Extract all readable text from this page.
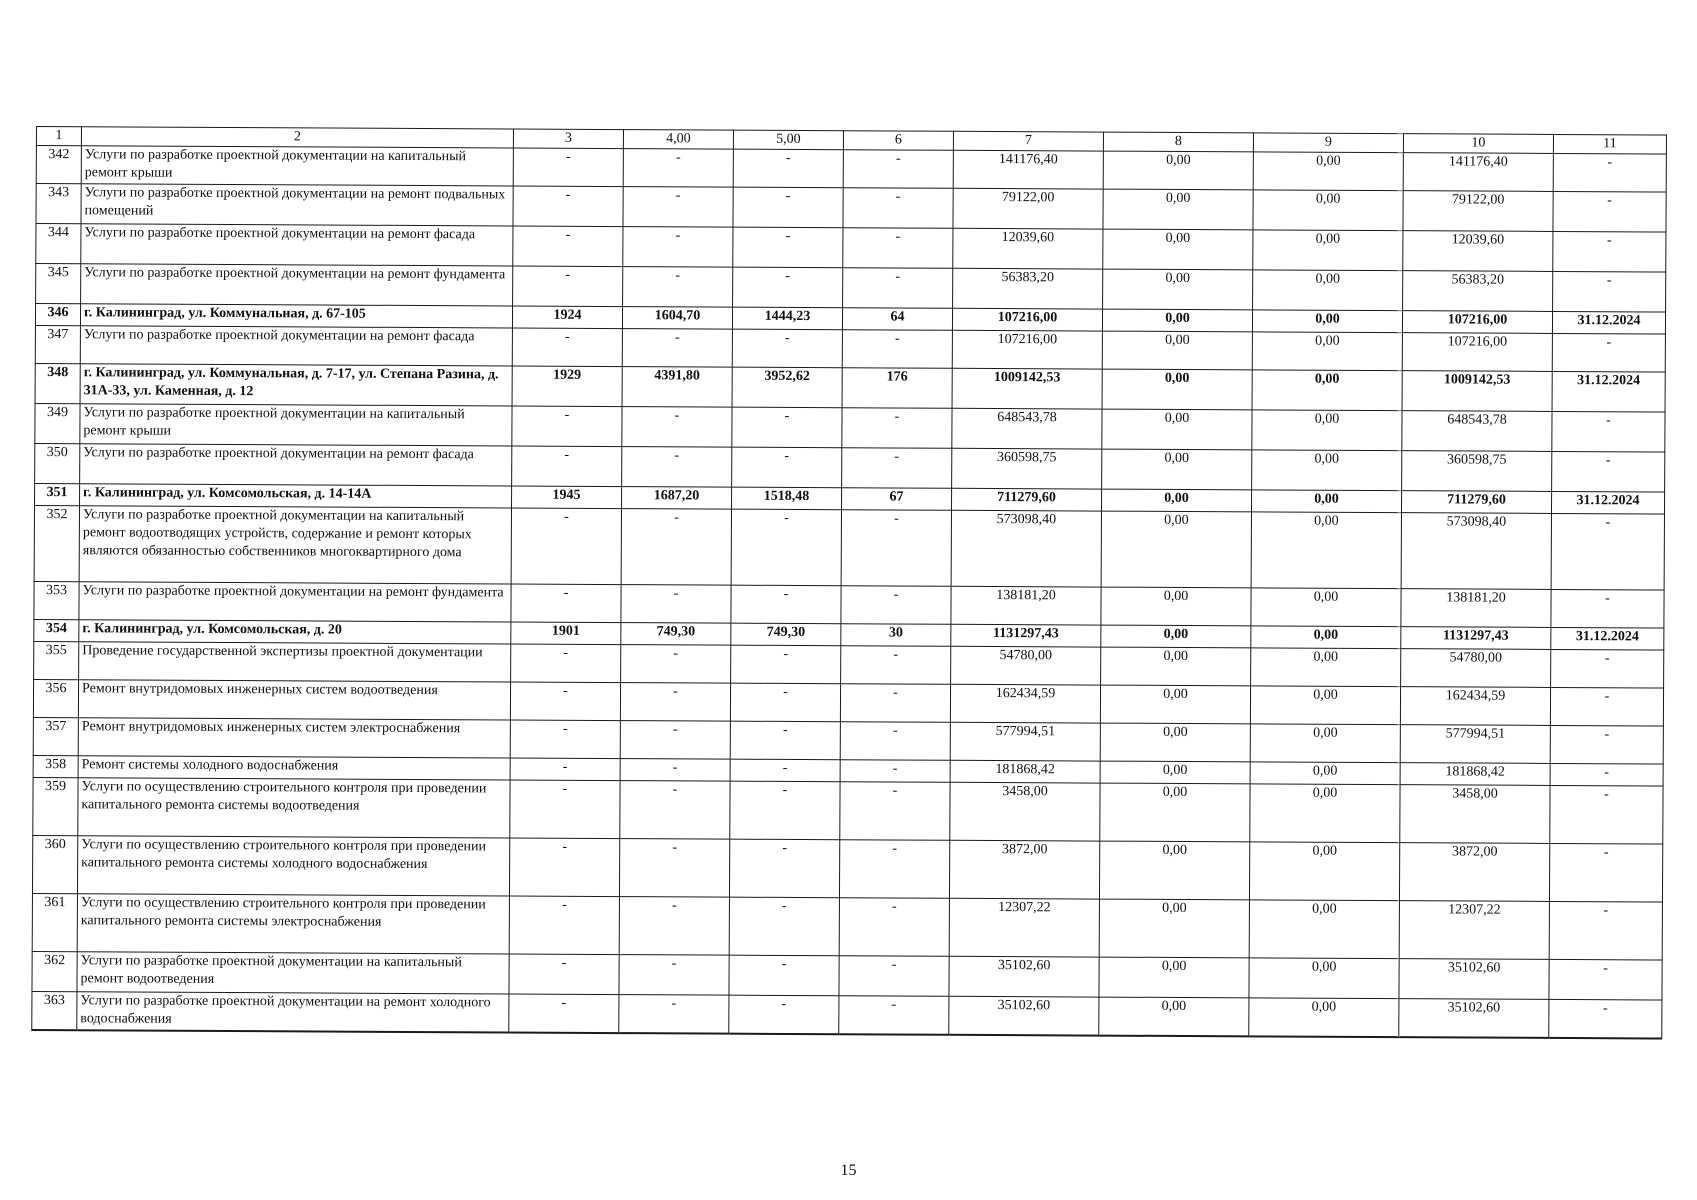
1	2	3	4,00	5,00	6	7	8	9	10	11
342	Услуги по разработке проектной документации на капитальный ремонт крыши	-	-	-	-	141176,40	0,00	0,00	141176,40	-
343	Услуги по разработке проектной документации на ремонт подвальных помещений	-	-	-	-	79122,00	0,00	0,00	79122,00	-
344	Услуги по разработке проектной документации на ремонт фасада	-	-	-	-	12039,60	0,00	0,00	12039,60	-
345	Услуги по разработке проектной документации на ремонт фундамента	-	-	-	-	56383,20	0,00	0,00	56383,20	-
346	г. Калининград, ул. Коммунальная, д. 67-105	1924	1604,70	1444,23	64	107216,00	0,00	0,00	107216,00	31.12.2024
347	Услуги по разработке проектной документации на ремонт фасада	-	-	-	-	107216,00	0,00	0,00	107216,00	-
348	г. Калининград, ул. Коммунальная, д. 7-17, ул. Степана Разина, д. 31А-33, ул. Каменная, д. 12	1929	4391,80	3952,62	176	1009142,53	0,00	0,00	1009142,53	31.12.2024
349	Услуги по разработке проектной документации на капитальный ремонт крыши	-	-	-	-	648543,78	0,00	0,00	648543,78	-
350	Услуги по разработке проектной документации на ремонт фасада	-	-	-	-	360598,75	0,00	0,00	360598,75	-
351	г. Калининград, ул. Комсомольская, д. 14-14А	1945	1687,20	1518,48	67	711279,60	0,00	0,00	711279,60	31.12.2024
352	Услуги по разработке проектной документации на капитальный ремонт водоотводящих устройств, содержание и ремонт которых являются обязанностью собственников многоквартирного дома	-	-	-	-	573098,40	0,00	0,00	573098,40	-
353	Услуги по разработке проектной документации на ремонт фундамента	-	-	-	-	138181,20	0,00	0,00	138181,20	-
354	г. Калининград, ул. Комсомольская, д. 20	1901	749,30	749,30	30	1131297,43	0,00	0,00	1131297,43	31.12.2024
355	Проведение государственной экспертизы проектной документации	-	-	-	-	54780,00	0,00	0,00	54780,00	-
356	Ремонт внутридомовых инженерных систем водоотведения	-	-	-	-	162434,59	0,00	0,00	162434,59	-
357	Ремонт внутридомовых инженерных систем электроснабжения	-	-	-	-	577994,51	0,00	0,00	577994,51	-
358	Ремонт системы холодного водоснабжения	-	-	-	-	181868,42	0,00	0,00	181868,42	-
359	Услуги по осуществлению строительного контроля при проведении капитального ремонта системы водоотведения	-	-	-	-	3458,00	0,00	0,00	3458,00	-
360	Услуги по осуществлению строительного контроля при проведении капитального ремонта системы холодного водоснабжения	-	-	-	-	3872,00	0,00	0,00	3872,00	-
361	Услуги по осуществлению строительного контроля при проведении капитального ремонта системы электроснабжения	-	-	-	-	12307,22	0,00	0,00	12307,22	-
362	Услуги по разработке проектной документации на капитальный ремонт водоотведения	-	-	-	-	35102,60	0,00	0,00	35102,60	-
363	Услуги по разработке проектной документации на ремонт холодного водоснабжения	-	-	-	-	35102,60	0,00	0,00	35102,60	-
15
